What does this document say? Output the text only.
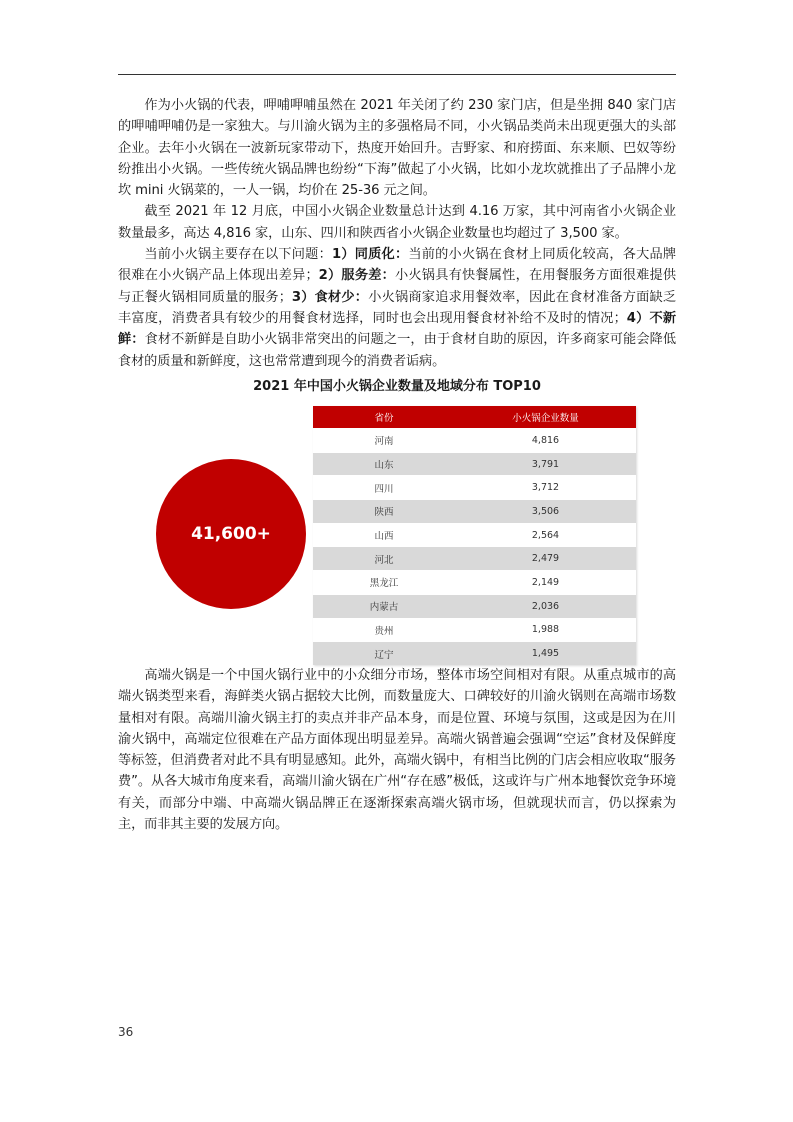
作为小火锅的代表，呷哺呷哺虽然在 2021 年关闭了约 230 家门店，但是坐拥 840 家门店的呷哺呷哺仍是一家独大。与川渝火锅为主的多强格局不同，小火锅品类尚未出现更强大的头部企业。去年小火锅在一波新玩家带动下，热度开始回升。吉野家、和府捞面、东来顺、巴奴等纷纷推出小火锅。一些传统火锅品牌也纷纷“下海”做起了小火锅，比如小龙坎就推出了子品牌小龙坎 mini 火锅菜的，一人一锅，均价在 25-36 元之间。

截至 2021 年 12 月底，中国小火锅企业数量总计达到 4.16 万家，其中河南省小火锅企业数量最多，高达 4,816 家，山东、四川和陕西省小火锅企业数量也均超过了 3,500 家。

当前小火锅主要存在以下问题：1）同质化：当前的小火锅在食材上同质化较高，各大品牌很难在小火锅产品上体现出差异；2）服务差：小火锅具有快餐属性，在用餐服务方面很难提供与正餐火锅相同质量的服务；3）食材少：小火锅商家追求用餐效率，因此在食材准备方面缺乏丰富度，消费者具有较少的用餐食材选择，同时也会出现用餐食材补给不及时的情况；4）不新鲜：食材不新鲜是自助小火锅非常突出的问题之一，由于食材自助的原因，许多商家可能会降低食材的质量和新鲜度，这也常常遭到现今的消费者诟病。

2021 年中国小火锅企业数量及地域分布 TOP10
41,600+
省份	小火锅企业数量
河南	4,816
山东	3,791
四川	3,712
陕西	3,506
山西	2,564
河北	2,479
黑龙江	2,149
内蒙古	2,036
贵州	1,988
辽宁	1,495

高端火锅是一个中国火锅行业中的小众细分市场，整体市场空间相对有限。从重点城市的高端火锅类型来看，海鲜类火锅占据较大比例，而数量庞大、口碑较好的川渝火锅则在高端市场数量相对有限。高端川渝火锅主打的卖点并非产品本身，而是位置、环境与氛围，这或是因为在川渝火锅中，高端定位很难在产品方面体现出明显差异。高端火锅普遍会强调“空运”食材及保鲜度等标签，但消费者对此不具有明显感知。此外，高端火锅中，有相当比例的门店会相应收取“服务费”。从各大城市角度来看，高端川渝火锅在广州“存在感”极低，这或许与广州本地餐饮竞争环境有关，而部分中端、中高端火锅品牌正在逐渐探索高端火锅市场，但就现状而言，仍以探索为主，而非其主要的发展方向。

36
